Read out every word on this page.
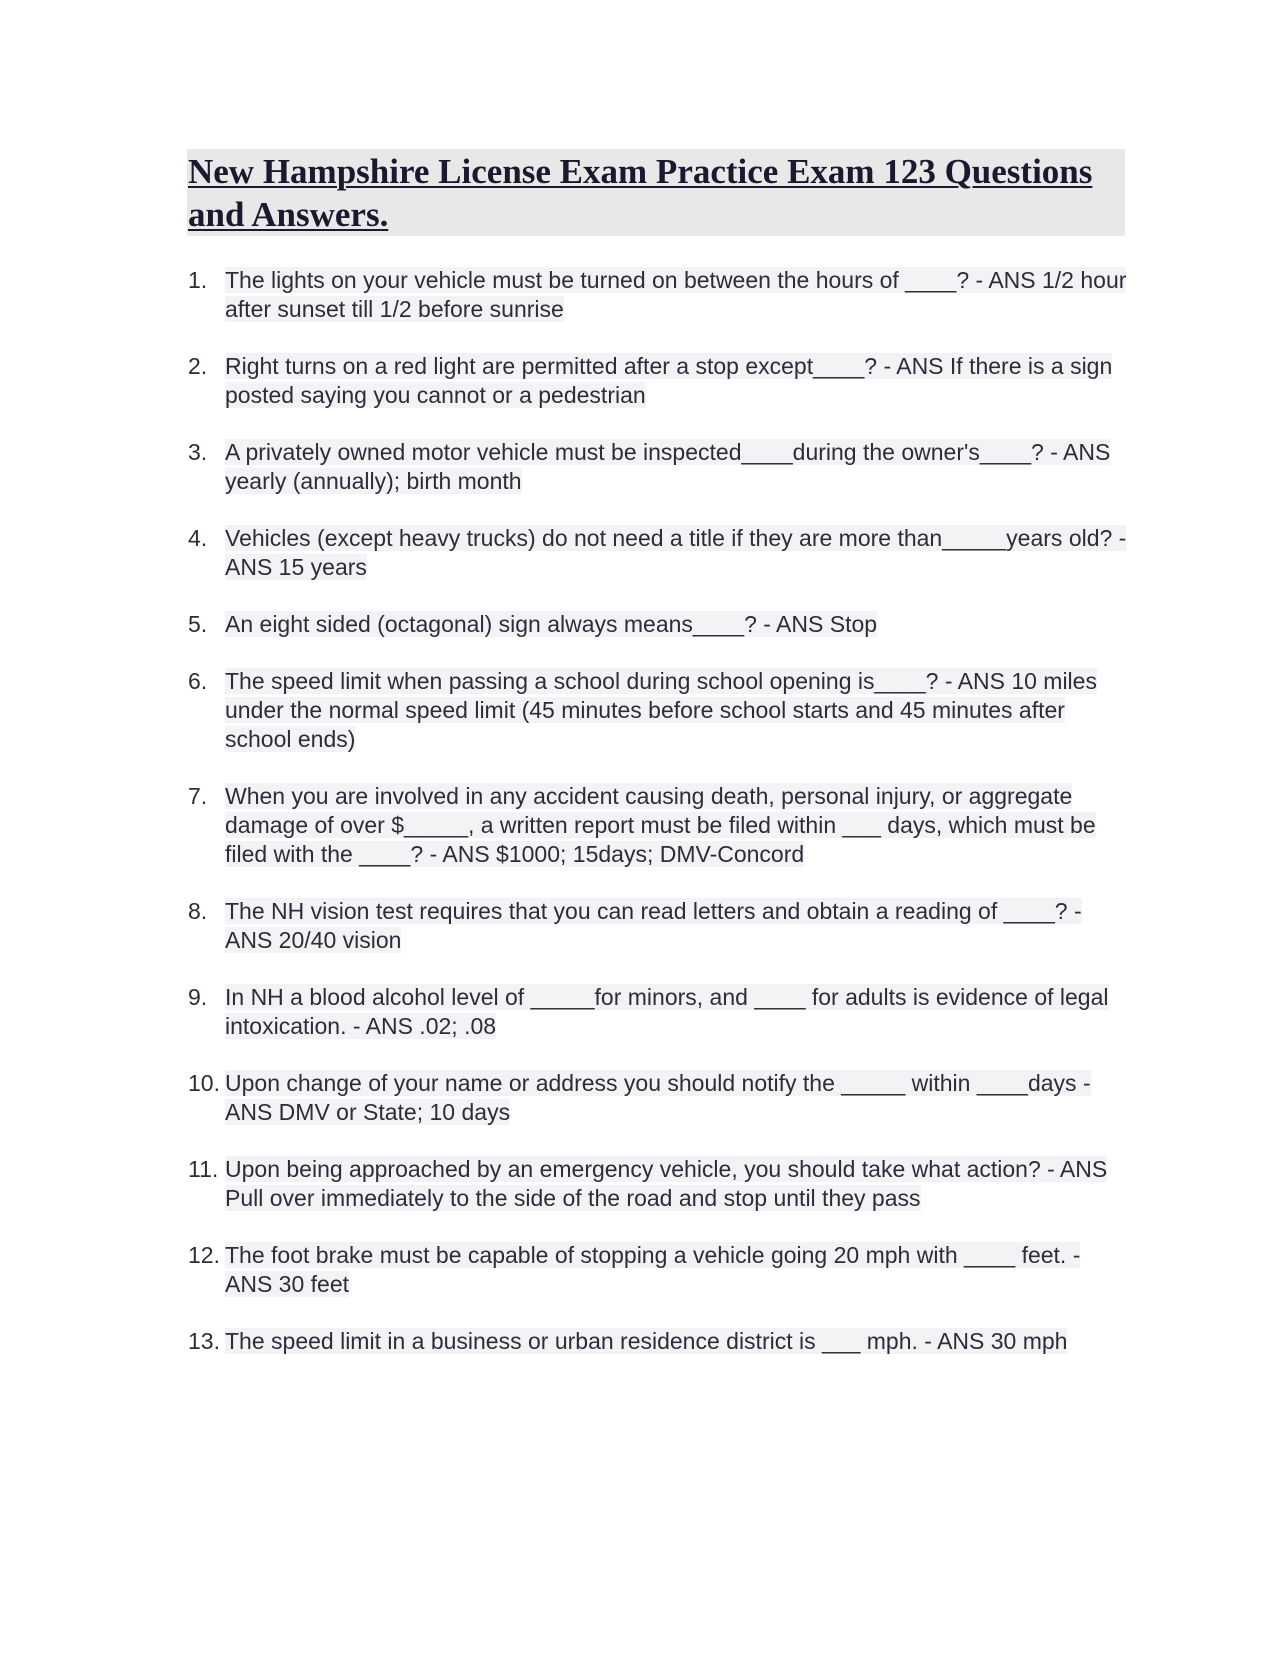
New Hampshire License Exam Practice Exam 123 Questions and Answers.
1. The lights on your vehicle must be turned on between the hours of ____? - ANS 1/2 hour after sunset till 1/2 before sunrise
2. Right turns on a red light are permitted after a stop except____? - ANS If there is a sign posted saying you cannot or a pedestrian
3. A privately owned motor vehicle must be inspected____during the owner's____? - ANS yearly (annually); birth month
4. Vehicles (except heavy trucks) do not need a title if they are more than_____years old? - ANS 15 years
5. An eight sided (octagonal) sign always means____? - ANS Stop
6. The speed limit when passing a school during school opening is____? - ANS 10 miles under the normal speed limit (45 minutes before school starts and 45 minutes after school ends)
7. When you are involved in any accident causing death, personal injury, or aggregate damage of over $_____, a written report must be filed within ___ days, which must be filed with the ____? - ANS $1000; 15days; DMV-Concord
8. The NH vision test requires that you can read letters and obtain a reading of ____? - ANS 20/40 vision
9. In NH a blood alcohol level of _____for minors, and ____ for adults is evidence of legal intoxication. - ANS .02; .08
10. Upon change of your name or address you should notify the _____ within ____days - ANS DMV or State; 10 days
11. Upon being approached by an emergency vehicle, you should take what action? - ANS Pull over immediately to the side of the road and stop until they pass
12. The foot brake must be capable of stopping a vehicle going 20 mph with ____ feet. - ANS 30 feet
13. The speed limit in a business or urban residence district is ___ mph. - ANS 30 mph
